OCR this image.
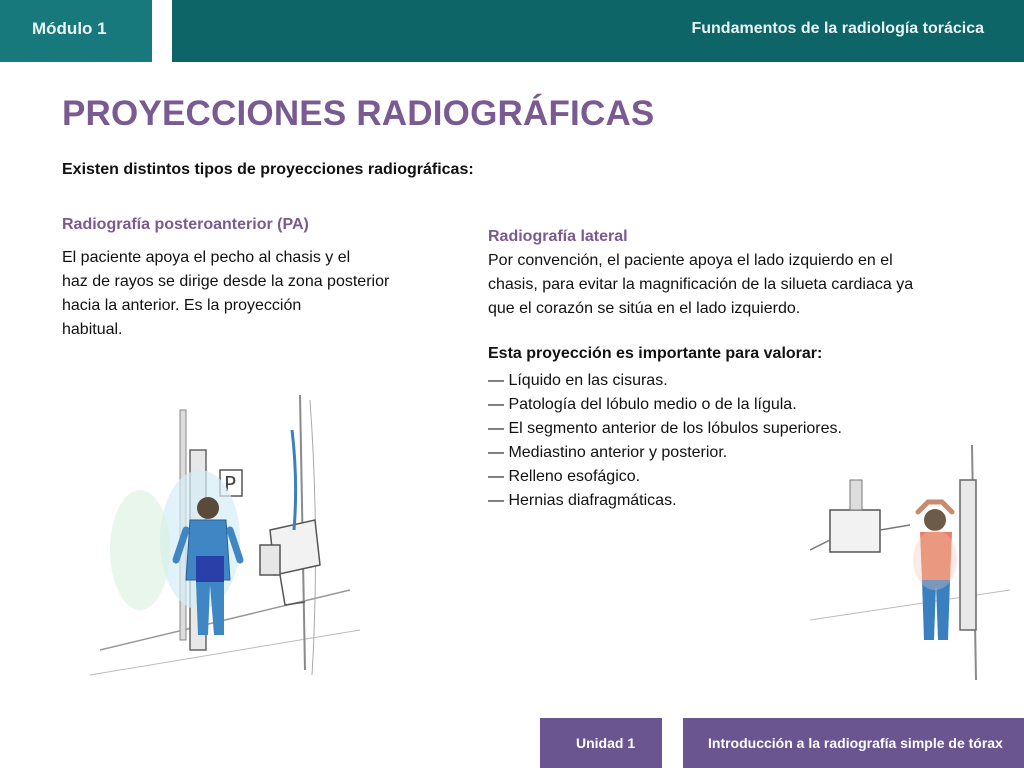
Módulo 1	Fundamentos de la radiología torácica
PROYECCIONES RADIOGRÁFICAS

Existen distintos tipos de proyecciones radiográficas:

Radiografía posteroanterior (PA)
El paciente apoya el pecho al chasis y el
haz de rayos se dirige desde la zona posterior
hacia la anterior. Es la proyección
habitual.
Radiografía lateral
Por convención, el paciente apoya el lado izquierdo en el
chasis, para evitar la magnificación de la silueta cardiaca ya
que el corazón se sitúa en el lado izquierdo.

Esta proyección es importante para valorar:

— Líquido en las cisuras.
— Patología del lóbulo medio o de la lígula.
— El segmento anterior de los lóbulos superiores.
— Mediastino anterior y posterior.
— Relleno esofágico.
— Hernias diafragmáticas.
P
Unidad 1	Introducción a la radiografía simple de tórax
